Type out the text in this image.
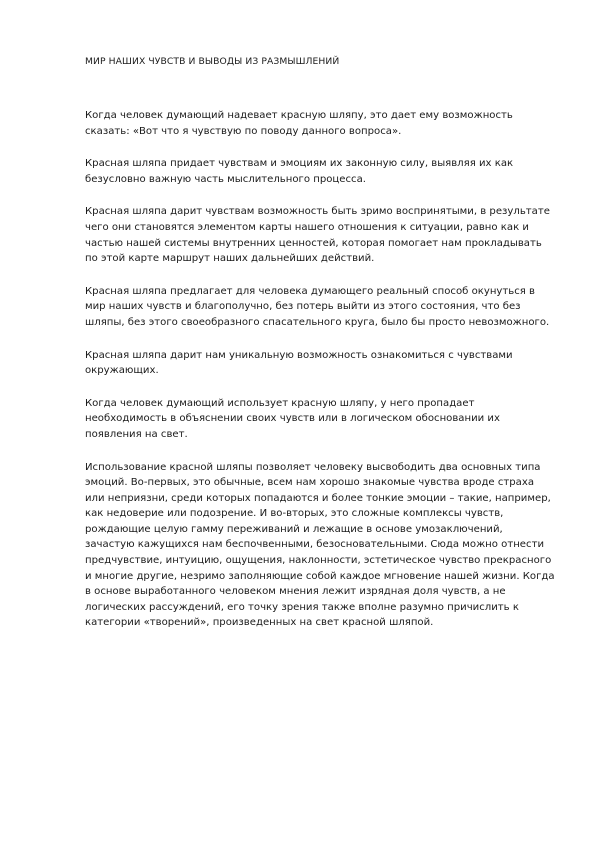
МИР НАШИХ ЧУВСТВ И ВЫВОДЫ ИЗ РАЗМЫШЛЕНИЙ

Когда человек думающий надевает красную шляпу, это дает ему возможность сказать: «Вот что я чувствую по поводу данного вопроса».

Красная шляпа придает чувствам и эмоциям их законную силу, выявляя их как безусловно важную часть мыслительного процесса.

Красная шляпа дарит чувствам возможность быть зримо воспринятыми, в результате чего они становятся элементом карты нашего отношения к ситуации, равно как и частью нашей системы внутренних ценностей, которая помогает нам прокладывать по этой карте маршрут наших дальнейших действий.

Красная шляпа предлагает для человека думающего реальный способ окунуться в мир наших чувств и благополучно, без потерь выйти из этого состояния, что без шляпы, без этого своеобразного спасательного круга, было бы просто невозможного.

Красная шляпа дарит нам уникальную возможность ознакомиться с чувствами окружающих.

Когда человек думающий использует красную шляпу, у него пропадает необходимость в объяснении своих чувств или в логическом обосновании их появления на свет.

Использование красной шляпы позволяет человеку высвободить два основных типа эмоций. Во-первых, это обычные, всем нам хорошо знакомые чувства вроде страха или неприязни, среди которых попадаются и более тонкие эмоции – такие, например, как недоверие или подозрение. И во-вторых, это сложные комплексы чувств, рождающие целую гамму переживаний и лежащие в основе умозаключений, зачастую кажущихся нам беспочвенными, безосновательными. Сюда можно отнести предчувствие, интуицию, ощущения, наклонности, эстетическое чувство прекрасного и многие другие, незримо заполняющие собой каждое мгновение нашей жизни. Когда в основе выработанного человеком мнения лежит изрядная доля чувств, а не логических рассуждений, его точку зрения также вполне разумно причислить к категории «творений», произведенных на свет красной шляпой.
